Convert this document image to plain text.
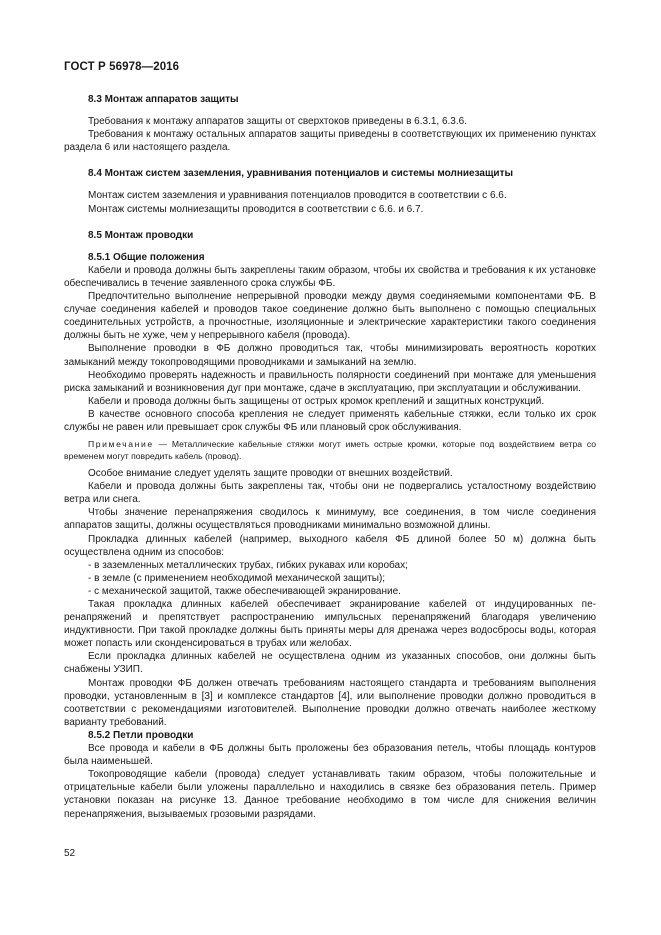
ГОСТ Р 56978—2016

8.3 Монтаж аппаратов защиты

Требования к монтажу аппаратов защиты от сверхтоков приведены в 6.3.1, 6.3.6.

Требования к монтажу остальных аппаратов защиты приведены в соответствующих их применению пунктах раздела 6 или настоящего раздела.

8.4 Монтаж систем заземления, уравнивания потенциалов и системы молниезащиты

Монтаж систем заземления и уравнивания потенциалов проводится в соответствии с 6.6.

Монтаж системы молниезащиты проводится в соответствии с 6.6. и 6.7.

8.5 Монтаж проводки

8.5.1 Общие положения

Кабели и провода должны быть закреплены таким образом, чтобы их свойства и требования к их установке обеспечивались в течение заявленного срока службы ФБ.

Предпочтительно выполнение непрерывной проводки между двумя соединяемыми компонентами ФБ. В случае соединения кабелей и проводов такое соединение должно быть выполнено с помощью специальных соединительных устройств, а прочностные, изоляционные и электрические характеристики такого соединения должны быть не хуже, чем у непрерывного кабеля (провода).

Выполнение проводки в ФБ должно проводиться так, чтобы минимизировать вероятность коротких замыканий между токопроводящими проводниками и замыканий на землю.

Необходимо проверять надежность и правильность полярности соединений при монтаже для уменьшения риска замыканий и возникновения дуг при монтаже, сдаче в эксплуатацию, при эксплуатации и обслуживании.

Кабели и провода должны быть защищены от острых кромок креплений и защитных конструкций.

В качестве основного способа крепления не следует применять кабельные стяжки, если только их срок службы не равен или превышает срок службы ФБ или плановый срок обслуживания.

Примечание — Металлические кабельные стяжки могут иметь острые кромки, которые под воздействием ветра со временем могут повредить кабель (провод).

Особое внимание следует уделять защите проводки от внешних воздействий.

Кабели и провода должны быть закреплены так, чтобы они не подвергались усталостному воздействию ветра или снега.

Чтобы значение перенапряжения сводилось к минимуму, все соединения, в том числе соединения аппаратов защиты, должны осуществляться проводниками минимально возможной длины.

Прокладка длинных кабелей (например, выходного кабеля ФБ длиной более 50 м) должна быть осуществлена одним из способов:

- в заземленных металлических трубах, гибких рукавах или коробах;

- в земле (с применением необходимой механической защиты);

- с механической защитой, также обеспечивающей экранирование.

Такая прокладка длинных кабелей обеспечивает экранирование кабелей от индуцированных перенапряжений и препятствует распространению импульсных перенапряжений благодаря увеличению индуктивности. При такой прокладке должны быть приняты меры для дренажа через водосбросы воды, которая может попасть или сконденсироваться в трубах или желобах.

Если прокладка длинных кабелей не осуществлена одним из указанных способов, они должны быть снабжены УЗИП.

Монтаж проводки ФБ должен отвечать требованиям настоящего стандарта и требованиям выполнения проводки, установленным в [3] и комплексе стандартов [4], или выполнение проводки должно проводиться в соответствии с рекомендациями изготовителей. Выполнение проводки должно отвечать наиболее жесткому варианту требований.

8.5.2 Петли проводки

Все провода и кабели в ФБ должны быть проложены без образования петель, чтобы площадь контуров была наименьшей.

Токопроводящие кабели (провода) следует устанавливать таким образом, чтобы положительные и отрицательные кабели были уложены параллельно и находились в связке без образования петель. Пример установки показан на рисунке 13. Данное требование необходимо в том числе для снижения величин перенапряжения, вызываемых грозовыми разрядами.

52
